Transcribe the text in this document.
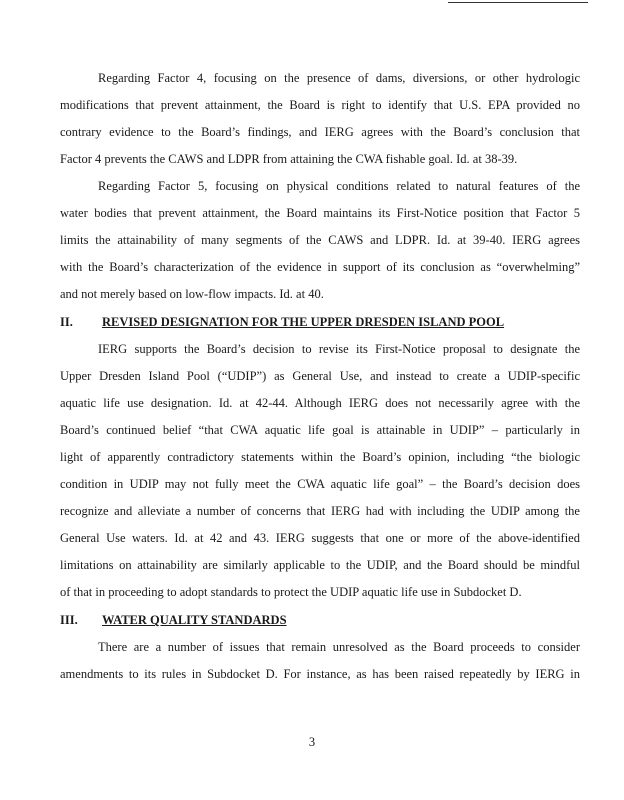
Regarding Factor 4, focusing on the presence of dams, diversions, or other hydrologic
modifications that prevent attainment, the Board is right to identify that U.S. EPA provided no
contrary evidence to the Board’s findings, and IERG agrees with the Board’s conclusion that
Factor 4 prevents the CAWS and LDPR from attaining the CWA fishable goal. Id. at 38-39.
Regarding Factor 5, focusing on physical conditions related to natural features of the
water bodies that prevent attainment, the Board maintains its First-Notice position that Factor 5
limits the attainability of many segments of the CAWS and LDPR. Id. at 39-40. IERG agrees
with the Board’s characterization of the evidence in support of its conclusion as “overwhelming”
and not merely based on low-flow impacts. Id. at 40.
II. REVISED DESIGNATION FOR THE UPPER DRESDEN ISLAND POOL
IERG supports the Board’s decision to revise its First-Notice proposal to designate the
Upper Dresden Island Pool (“UDIP”) as General Use, and instead to create a UDIP-specific
aquatic life use designation. Id. at 42-44. Although IERG does not necessarily agree with the
Board’s continued belief “that CWA aquatic life goal is attainable in UDIP” – particularly in
light of apparently contradictory statements within the Board’s opinion, including “the biologic
condition in UDIP may not fully meet the CWA aquatic life goal” – the Board’s decision does
recognize and alleviate a number of concerns that IERG had with including the UDIP among the
General Use waters. Id. at 42 and 43. IERG suggests that one or more of the above-identified
limitations on attainability are similarly applicable to the UDIP, and the Board should be mindful
of that in proceeding to adopt standards to protect the UDIP aquatic life use in Subdocket D.
III. WATER QUALITY STANDARDS
There are a number of issues that remain unresolved as the Board proceeds to consider
amendments to its rules in Subdocket D. For instance, as has been raised repeatedly by IERG in
3
